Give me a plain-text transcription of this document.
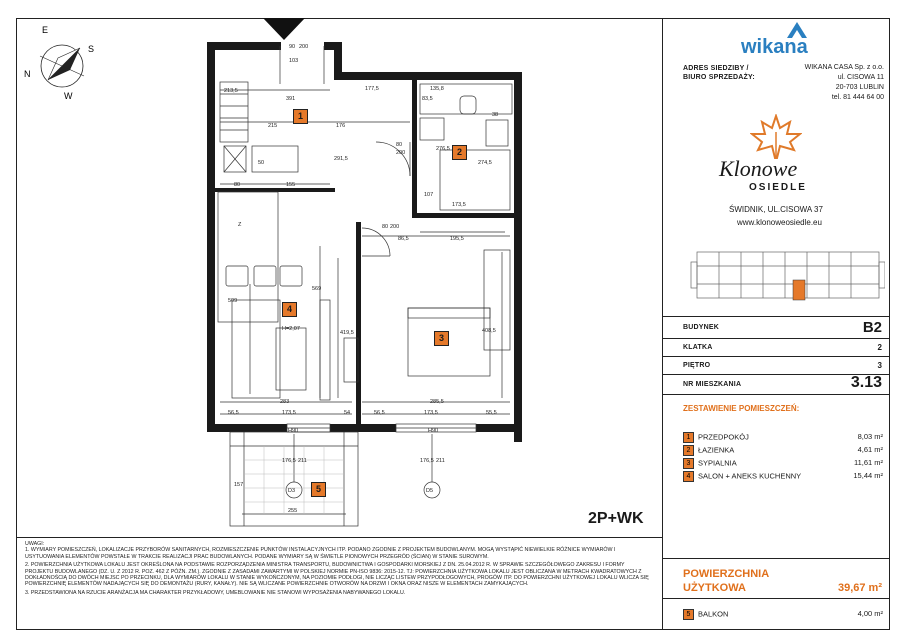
E
N
S
W
90 200
103
213,5
391
177,5
215	176
50
80	155
291,5
135,8
83,5
38
276,5
274,5
107
173,5
86,5	195,5
509
569
419,5	408,5
283	285,5
56,5	173,5	54	56,5	173,5	55,5
H90	H90
176,5 211
157
255
176,5 211
Z
H=2,07
80
200
80 200
D3	D5
1
2
3
4
5
2P+WK

UWAGI:

1. WYMIARY POMIESZCZEŃ, LOKALIZACJE PRZYBORÓW SANITARNYCH, ROZMIESZCZENIE PUNKTÓW INSTALACYJNYCH ITP. PODANO ZGODNIE Z PROJEKTEM BUDOWLANYM. MOGĄ WYSTĄPIĆ NIEWIELKIE RÓŻNICE WYMIARÓW I USYTUOWANIA ELEMENTÓW POWSTAŁE W TRAKCIE REALIZACJI PRAC BUDOWLANYCH. PODANE WYMIARY SĄ W ŚWIETLE PIONOWYCH PRZEGRÓD (ŚCIAN) W STANIE SUROWYM.

2. POWIERZCHNIA UŻYTKOWA LOKALU JEST OKREŚLONA NA PODSTAWIE ROZPORZĄDZENIA MINISTRA TRANSPORTU, BUDOWNICTWA I GOSPODARKI MORSKIEJ Z DN. 25.04.2012 R. W SPRAWIE SZCZEGÓŁOWEGO ZAKRESU I FORMY PROJEKTU BUDOWLANEGO (DZ. U. Z 2012 R. POZ. 462 Z PÓŹN. ZM.). ZGODNIE Z ZASADAMI ZAWARTYMI W POLSKIEJ NORMIE PN-ISO 9836: 2015-12. TJ: POWIERZCHNIA UŻYTKOWA LOKALU JEST OBLICZANA W METRACH KWADRATOWYCH Z DOKŁADNOŚCIĄ DO DWÓCH MIEJSC PO PRZECINKU, DLA WYMIARÓW LOKALU W STANIE WYKOŃCZONYM, NA POZIOMIE PODŁOGI, NIE LICZĄC LISTEW PRZYPODŁOGOWYCH, PROGÓW ITP. DO POWIERZCHNI UŻYTKOWEJ LOKALU WLICZA SIĘ POWIERZCHNIĘ ELEMENTÓW NADAJĄCYCH SIĘ DO DEMONTAŻU (RURY, KANAŁY). NIE SĄ WLICZANE POWIERZCHNIE OTWORÓW NA DRZWI I OKNA ORAZ NISZE W ELEMENTACH ZAMYKAJĄCYCH.

3. PRZEDSTAWIONA NA RZUCIE ARANŻACJA MA CHARAKTER PRZYKŁADOWY, UMEBLOWANIE NIE STANOWI WYPOSAŻENIA NABYWANEGO LOKALU.

wikana
ADRES SIEDZIBY /
BIURO SPRZEDAŻY:
WIKANA CASA Sp. z o.o.
ul. CISOWA 11
20-703 LUBLIN
tel. 81 444 64 00
Klonowe
OSIEDLE
ŚWIDNIK, UL.CISOWA 37
www.klonoweosiedle.eu
BUDYNEK	B2
KLATKA	2
PIĘTRO	3
NR MIESZKANIA	3.13
ZESTAWIENIE POMIESZCZEŃ:
1 PRZEDPOKÓJ	8,03 m²
2 ŁAZIENKA	4,61 m²
3 SYPIALNIA	11,61 m²
4 SALON + ANEKS KUCHENNY	15,44 m²
POWIERZCHNIA
UŻYTKOWA	39,67 m²
5 BALKON	4,00 m²
